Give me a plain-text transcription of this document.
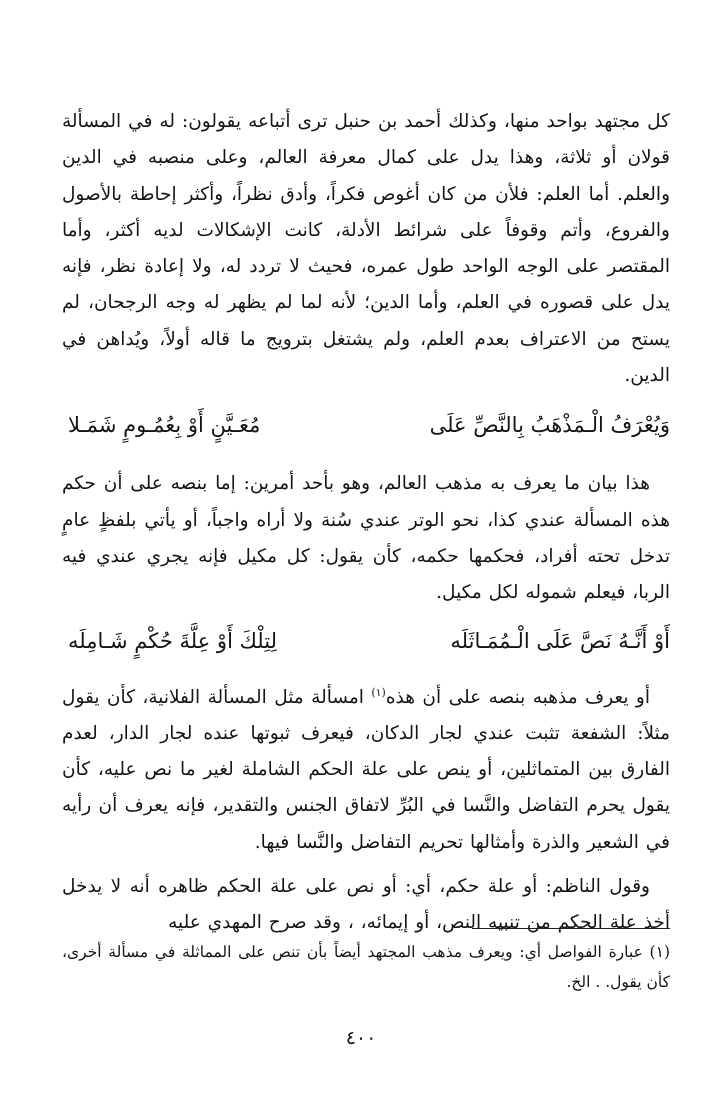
كل مجتهد بواحد منها، وكذلك أحمد بن حنبل ترى أتباعه يقولون: له في المسألة قولان أو ثلاثة، وهذا يدل على كمال معرفة العالم، وعلى منصبه في الدين والعلم. أما العلم: فلأن من كان أغوص فكراً، وأدق نظراً، وأكثر إحاطة بالأصول والفروع، وأتم وقوفاً على شرائط الأدلة، كانت الإشكالات لديه أكثر، وأما المقتصر على الوجه الواحد طول عمره، فحيث لا تردد له، ولا إعادة نظر، فإنه يدل على قصوره في العلم، وأما الدين؛ لأنه لما لم يظهر له وجه الرجحان، لم يستح من الاعتراف بعدم العلم، ولم يشتغل بترويج ما قاله أولاً، ويُداهن في الدين.

وَيُعْرَفُ الْـمَذْهَبُ بِالنَّصِّ عَلَى
مُعَـيَّنٍ أَوْ بِعُمُـومٍ شَمَـلا

هذا بيان ما يعرف به مذهب العالم، وهو بأحد أمرين: إما بنصه على أن حكم هذه المسألة عندي كذا، نحو الوتر عندي سُنة ولا أراه واجباً، أو يأتي بلفظٍ عامٍ تدخل تحته أفراد، فحكمها حكمه، كأن يقول: كل مكيل فإنه يجري عندي فيه الربا، فيعلم شموله لكل مكيل.

أَوْ أَنَّـهُ نَصَّ عَلَى الْـمُمَـاثَلَه
لِتِلْكَ أَوْ عِلَّةَ حُكْمٍ شَـامِلَه

أو يعرف مذهبه بنصه على أن هذه$^{(١)}$ امسألة مثل المسألة الفلانية، كأن يقول مثلاً: الشفعة تثبت عندي لجار الدكان، فيعرف ثبوتها عنده لجار الدار، لعدم الفارق بين المتماثلين، أو ينص على علة الحكم الشاملة لغير ما نص عليه، كأن يقول يحرم التفاضل والنَّسا في البُرِّ لاتفاق الجنس والتقدير، فإنه يعرف أن رأيه في الشعير والذرة وأمثالها تحريم التفاضل والنَّسا فيها.

وقول الناظم: أو علة حكم، أي: أو نص على علة الحكم ظاهره أنه لا يدخل أخذ علة الحكم من تنبيه النص، أو إيمائه، ، وقد صرح المهدي عليه

(١) عبارة الفواصل أي: ويعرف مذهب المجتهد أيضاً بأن تنص على المماثلة في مسألة أخرى، كأن يقول. . الخ.
٤٠٠
